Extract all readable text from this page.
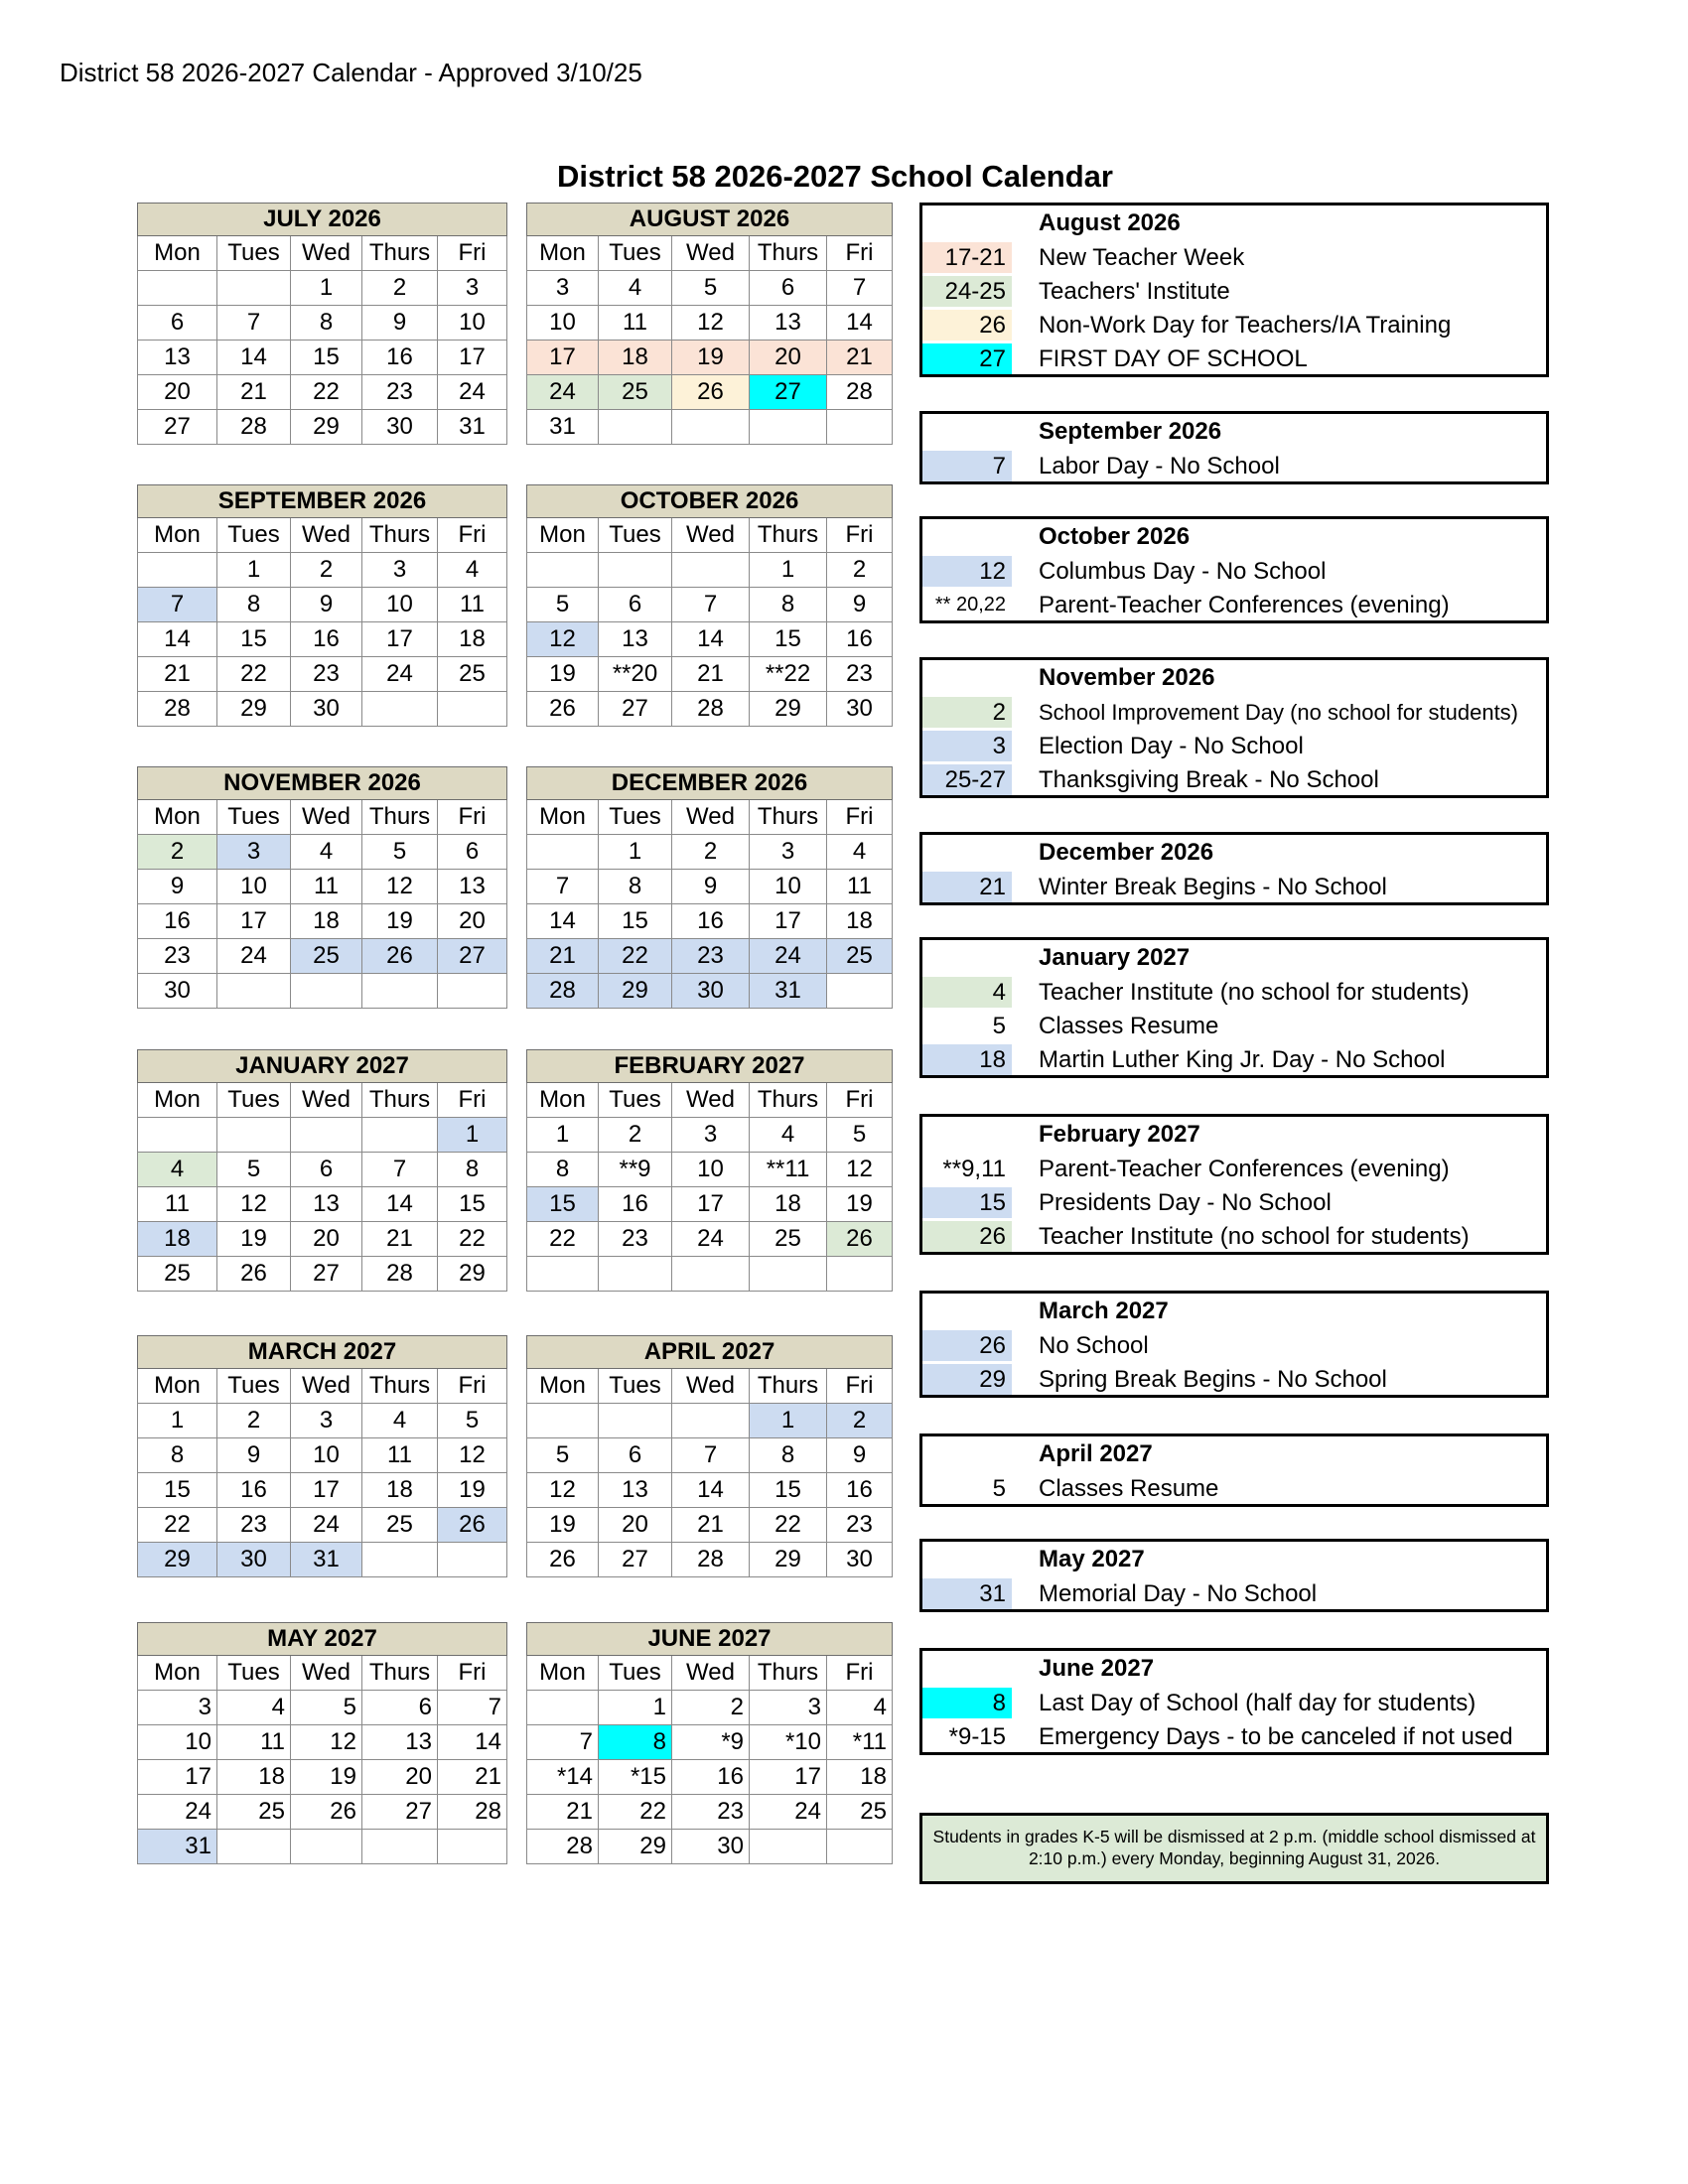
District 58 2026-2027 Calendar - Approved 3/10/25
District 58 2026-2027 School Calendar
JULY 2026				
Mon	Tues	Wed	Thurs	Fri
		1	2	3
6	7	8	9	10
13	14	15	16	17
20	21	22	23	24
27	28	29	30	31
AUGUST 2026				
Mon	Tues	Wed	Thurs	Fri
3	4	5	6	7
10	11	12	13	14
17	18	19	20	21
24	25	26	27	28
31				
SEPTEMBER 2026				
Mon	Tues	Wed	Thurs	Fri
	1	2	3	4
7	8	9	10	11
14	15	16	17	18
21	22	23	24	25
28	29	30		
OCTOBER 2026				
Mon	Tues	Wed	Thurs	Fri
			1	2
5	6	7	8	9
12	13	14	15	16
19	**20	21	**22	23
26	27	28	29	30
NOVEMBER 2026				
Mon	Tues	Wed	Thurs	Fri
2	3	4	5	6
9	10	11	12	13
16	17	18	19	20
23	24	25	26	27
30				
DECEMBER 2026				
Mon	Tues	Wed	Thurs	Fri
	1	2	3	4
7	8	9	10	11
14	15	16	17	18
21	22	23	24	25
28	29	30	31	
JANUARY 2027				
Mon	Tues	Wed	Thurs	Fri
				1
4	5	6	7	8
11	12	13	14	15
18	19	20	21	22
25	26	27	28	29
FEBRUARY 2027				
Mon	Tues	Wed	Thurs	Fri
1	2	3	4	5
8	**9	10	**11	12
15	16	17	18	19
22	23	24	25	26

MARCH 2027				
Mon	Tues	Wed	Thurs	Fri
1	2	3	4	5
8	9	10	11	12
15	16	17	18	19
22	23	24	25	26
29	30	31		
APRIL 2027				
Mon	Tues	Wed	Thurs	Fri
			1	2
5	6	7	8	9
12	13	14	15	16
19	20	21	22	23
26	27	28	29	30
MAY 2027				
Mon	Tues	Wed	Thurs	Fri
3	4	5	6	7
10	11	12	13	14
17	18	19	20	21
24	25	26	27	28
31				
JUNE 2027				
Mon	Tues	Wed	Thurs	Fri
	1	2	3	4
7	8	*9	*10	*11
*14	*15	16	17	18
21	22	23	24	25
28	29	30		
August 2026
17-21 New Teacher Week
24-25 Teachers' Institute
26 Non-Work Day for Teachers/IA Training
27 FIRST DAY OF SCHOOL
September 2026
7 Labor Day - No School
October 2026
12 Columbus Day - No School
** 20,22 Parent-Teacher Conferences (evening)
November 2026
2 School Improvement Day (no school for students)
3 Election Day - No School
25-27 Thanksgiving Break - No School
December 2026
21 Winter Break Begins - No School
January 2027
4 Teacher Institute (no school for students)
5 Classes Resume
18 Martin Luther King Jr. Day - No School
February 2027
**9,11 Parent-Teacher Conferences (evening)
15 Presidents Day - No School
26 Teacher Institute (no school for students)
March 2027
26 No School
29 Spring Break Begins - No School
April 2027
5 Classes Resume
May 2027
31 Memorial Day - No School
June 2027
8 Last Day of School (half day for students)
*9-15 Emergency Days - to be canceled if not used
Students in grades K-5 will be dismissed at 2 p.m. (middle school dismissed at 2:10 p.m.) every Monday, beginning August 31, 2026.
